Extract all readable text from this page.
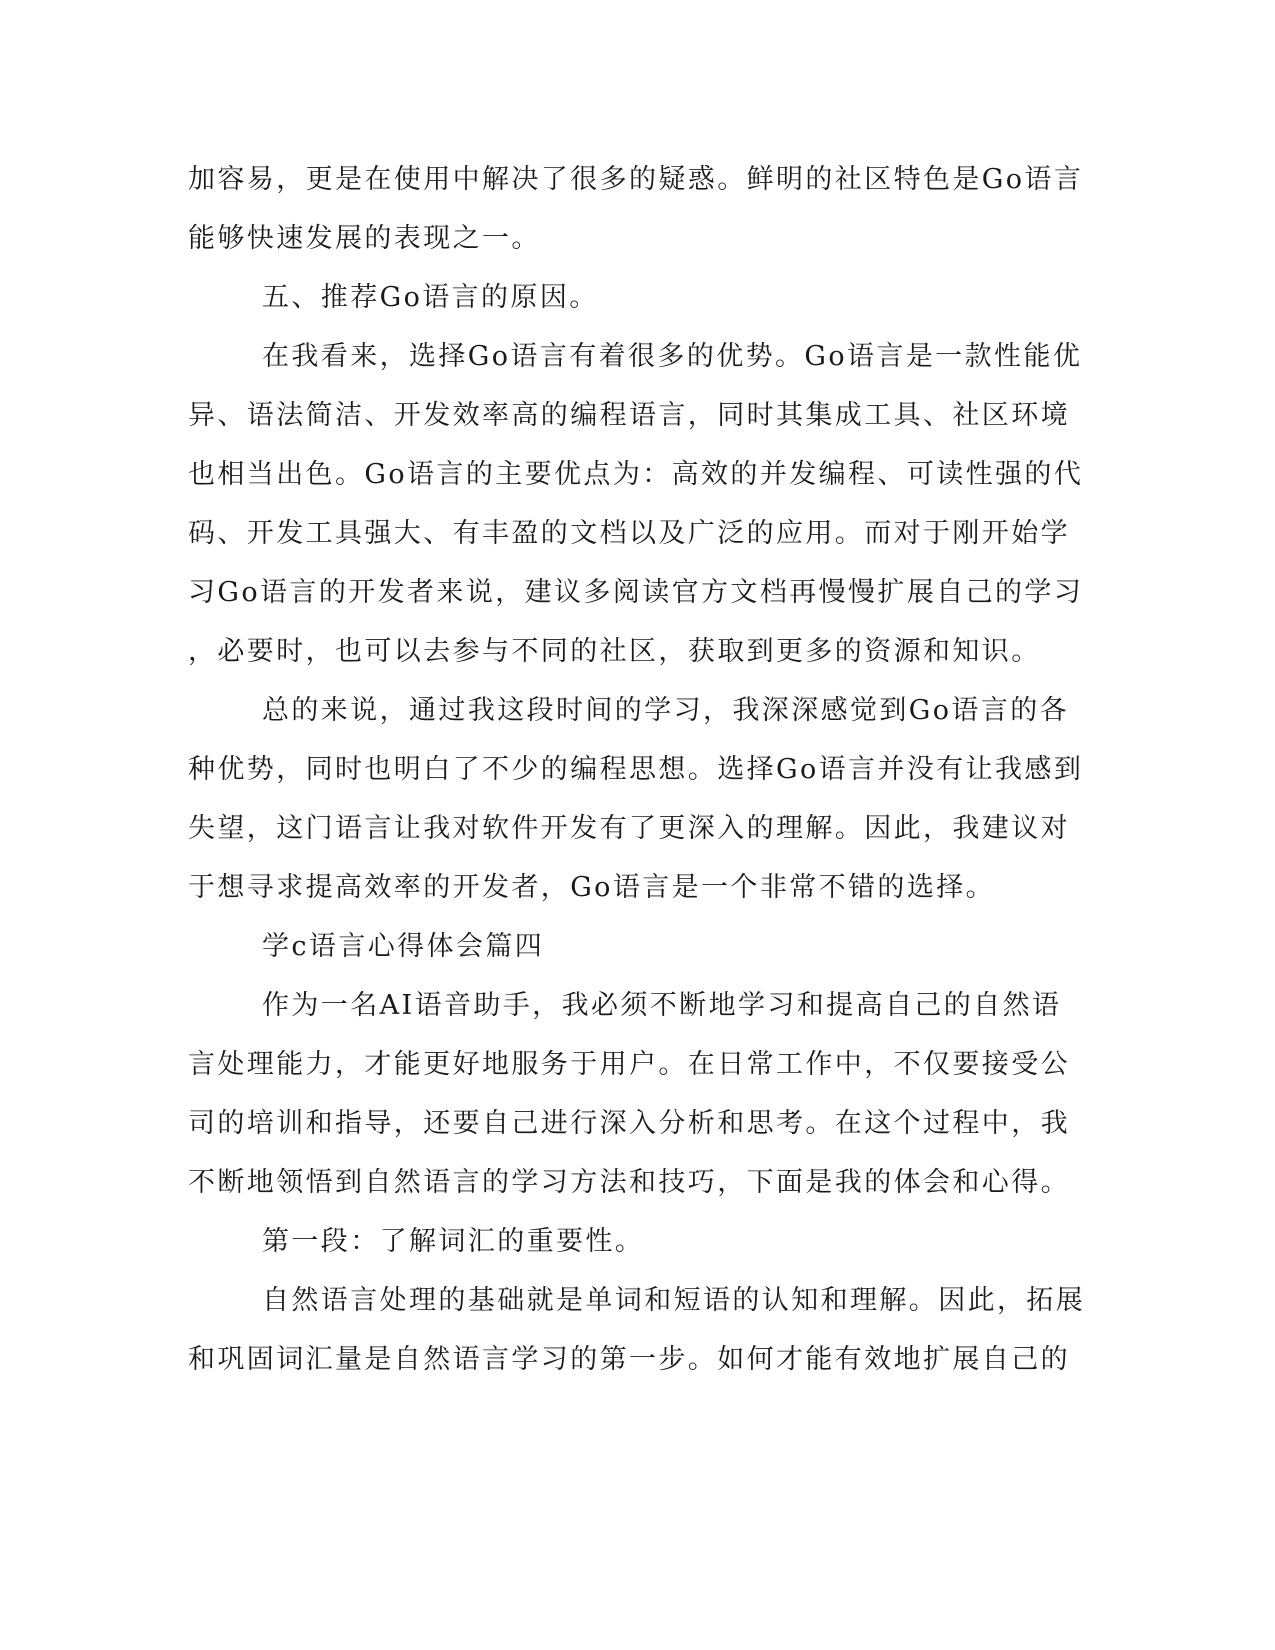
加容易，更是在使用中解决了很多的疑惑。鲜明的社区特色是Go语言
能够快速发展的表现之一。
五、推荐Go语言的原因。
在我看来，选择Go语言有着很多的优势。Go语言是一款性能优
异、语法简洁、开发效率高的编程语言，同时其集成工具、社区环境
也相当出色。Go语言的主要优点为：高效的并发编程、可读性强的代
码、开发工具强大、有丰盈的文档以及广泛的应用。而对于刚开始学
习Go语言的开发者来说，建议多阅读官方文档再慢慢扩展自己的学习
，必要时，也可以去参与不同的社区，获取到更多的资源和知识。
总的来说，通过我这段时间的学习，我深深感觉到Go语言的各
种优势，同时也明白了不少的编程思想。选择Go语言并没有让我感到
失望，这门语言让我对软件开发有了更深入的理解。因此，我建议对
于想寻求提高效率的开发者，Go语言是一个非常不错的选择。
学c语言心得体会篇四
作为一名AI语音助手，我必须不断地学习和提高自己的自然语
言处理能力，才能更好地服务于用户。在日常工作中，不仅要接受公
司的培训和指导，还要自己进行深入分析和思考。在这个过程中，我
不断地领悟到自然语言的学习方法和技巧，下面是我的体会和心得。
第一段：了解词汇的重要性。
自然语言处理的基础就是单词和短语的认知和理解。因此，拓展
和巩固词汇量是自然语言学习的第一步。如何才能有效地扩展自己的
